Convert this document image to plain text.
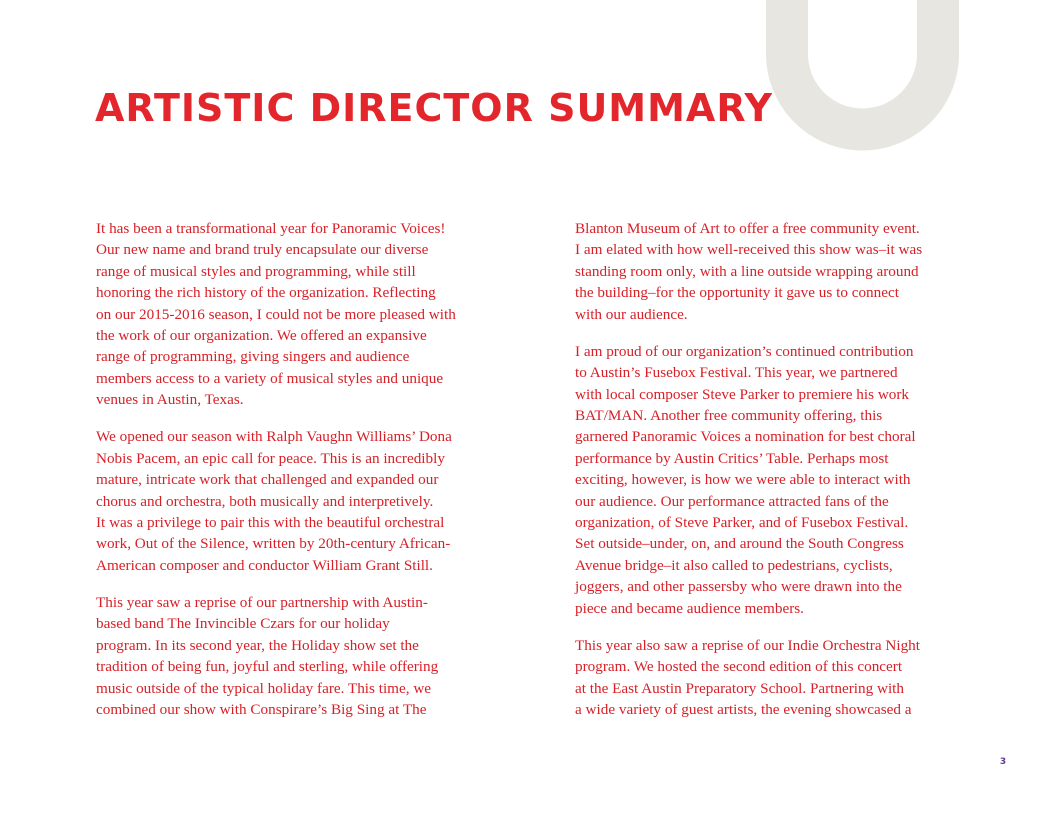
ARTISTIC DIRECTOR SUMMARY

It has been a transformational year for Panoramic Voices!
Our new name and brand truly encapsulate our diverse
range of musical styles and programming, while still
honoring the rich history of the organization. Reflecting
on our 2015-2016 season, I could not be more pleased with
the work of our organization. We offered an expansive
range of programming, giving singers and audience
members access to a variety of musical styles and unique
venues in Austin, Texas.

We opened our season with Ralph Vaughn Williams’ Dona
Nobis Pacem, an epic call for peace. This is an incredibly
mature, intricate work that challenged and expanded our
chorus and orchestra, both musically and interpretively.
It was a privilege to pair this with the beautiful orchestral
work, Out of the Silence, written by 20th-century African-
American composer and conductor William Grant Still.

This year saw a reprise of our partnership with Austin-
based band The Invincible Czars for our holiday
program. In its second year, the Holiday show set the
tradition of being fun, joyful and sterling, while offering
music outside of the typical holiday fare. This time, we
combined our show with Conspirare’s Big Sing at The

Blanton Museum of Art to offer a free community event.
I am elated with how well-received this show was–it was
standing room only, with a line outside wrapping around
the building–for the opportunity it gave us to connect
with our audience.

I am proud of our organization’s continued contribution
to Austin’s Fusebox Festival. This year, we partnered
with local composer Steve Parker to premiere his work
BAT/MAN. Another free community offering, this
garnered Panoramic Voices a nomination for best choral
performance by Austin Critics’ Table. Perhaps most
exciting, however, is how we were able to interact with
our audience. Our performance attracted fans of the
organization, of Steve Parker, and of Fusebox Festival.
Set outside–under, on, and around the South Congress
Avenue bridge–it also called to pedestrians, cyclists,
joggers, and other passersby who were drawn into the
piece and became audience members.

This year also saw a reprise of our Indie Orchestra Night
program. We hosted the second edition of this concert
at the East Austin Preparatory School. Partnering with
a wide variety of guest artists, the evening showcased a

3
